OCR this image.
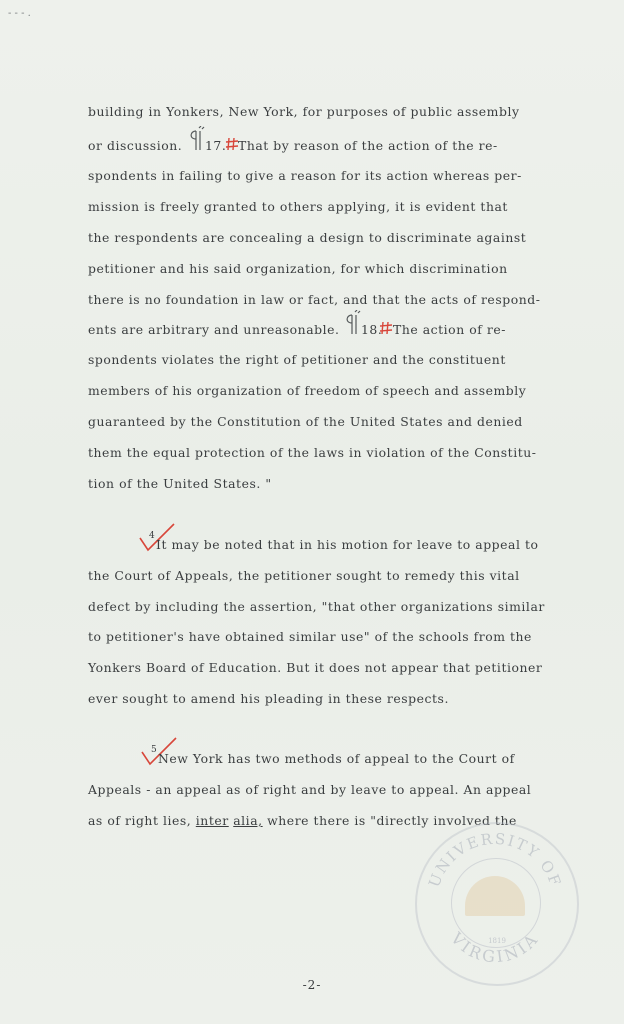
- - - .
building in Yonkers, New York, for purposes of public assembly
or discussion. 17. That by reason of the action of the re-
spondents in failing to give a reason for its action whereas per-
mission is freely granted to others applying, it is evident that
the respondents are concealing a design to discriminate against
petitioner and his said organization, for which discrimination
there is no foundation in law or fact, and that the acts of respond-
ents are arbitrary and unreasonable. 18. The action of re-
spondents violates the right of petitioner and the constituent
members of his organization of freedom of speech and assembly
guaranteed by the Constitution of the United States and denied
them the equal protection of the laws in violation of the Constitu-
tion of the United States. "
4
It may be noted that in his motion for leave to appeal to
the Court of Appeals, the petitioner sought to remedy this vital
defect by including the assertion, "that other organizations similar
to petitioner's have obtained similar use" of the schools from the
Yonkers Board of Education. But it does not appear that petitioner
ever sought to amend his pleading in these respects.
5
New York has two methods of appeal to the Court of
Appeals - an appeal as of right and by leave to appeal. An appeal
as of right lies, inter alia, where there is "directly involved the
UNIVERSITY OF
VIRGINIA
1819
-2-
